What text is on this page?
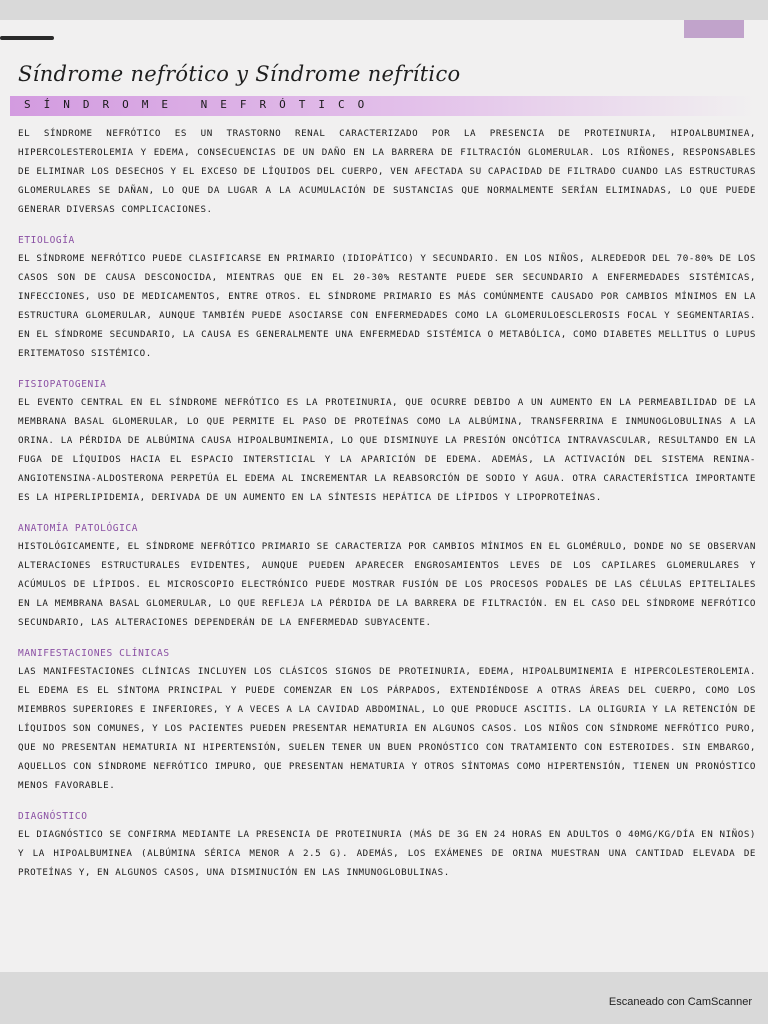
Síndrome nefrótico y Síndrome nefrítico
SÍNDROME NEFRÓTICO

EL SÍNDROME NEFRÓTICO ES UN TRASTORNO RENAL CARACTERIZADO POR LA PRESENCIA DE PROTEINURIA, HIPOALBUMINEA, HIPERCOLESTEROLEMIA Y EDEMA, CONSECUENCIAS DE UN DAÑO EN LA BARRERA DE FILTRACIÓN GLOMERULAR. LOS RIÑONES, RESPONSABLES DE ELIMINAR LOS DESECHOS Y EL EXCESO DE LÍQUIDOS DEL CUERPO, VEN AFECTADA SU CAPACIDAD DE FILTRADO CUANDO LAS ESTRUCTURAS GLOMERULARES SE DAÑAN, LO QUE DA LUGAR A LA ACUMULACIÓN DE SUSTANCIAS QUE NORMALMENTE SERÍAN ELIMINADAS, LO QUE PUEDE GENERAR DIVERSAS COMPLICACIONES.

ETIOLOGÍA

EL SÍNDROME NEFRÓTICO PUEDE CLASIFICARSE EN PRIMARIO (IDIOPÁTICO) Y SECUNDARIO. EN LOS NIÑOS, ALREDEDOR DEL 70-80% DE LOS CASOS SON DE CAUSA DESCONOCIDA, MIENTRAS QUE EN EL 20-30% RESTANTE PUEDE SER SECUNDARIO A ENFERMEDADES SISTÉMICAS, INFECCIONES, USO DE MEDICAMENTOS, ENTRE OTROS. EL SÍNDROME PRIMARIO ES MÁS COMÚNMENTE CAUSADO POR CAMBIOS MÍNIMOS EN LA ESTRUCTURA GLOMERULAR, AUNQUE TAMBIÉN PUEDE ASOCIARSE CON ENFERMEDADES COMO LA GLOMERULOESCLEROSIS FOCAL Y SEGMENTARIAS. EN EL SÍNDROME SECUNDARIO, LA CAUSA ES GENERALMENTE UNA ENFERMEDAD SISTÉMICA O METABÓLICA, COMO DIABETES MELLITUS O LUPUS ERITEMATOSO SISTÉMICO.

FISIOPATOGENIA

EL EVENTO CENTRAL EN EL SÍNDROME NEFRÓTICO ES LA PROTEINURIA, QUE OCURRE DEBIDO A UN AUMENTO EN LA PERMEABILIDAD DE LA MEMBRANA BASAL GLOMERULAR, LO QUE PERMITE EL PASO DE PROTEÍNAS COMO LA ALBÚMINA, TRANSFERRINA E INMUNOGLOBULINAS A LA ORINA. LA PÉRDIDA DE ALBÚMINA CAUSA HIPOALBUMINEMIA, LO QUE DISMINUYE LA PRESIÓN ONCÓTICA INTRAVASCULAR, RESULTANDO EN LA FUGA DE LÍQUIDOS HACIA EL ESPACIO INTERSTICIAL Y LA APARICIÓN DE EDEMA. ADEMÁS, LA ACTIVACIÓN DEL SISTEMA RENINA-ANGIOTENSINA-ALDOSTERONA PERPETÚA EL EDEMA AL INCREMENTAR LA REABSORCIÓN DE SODIO Y AGUA. OTRA CARACTERÍSTICA IMPORTANTE ES LA HIPERLIPIDEMIA, DERIVADA DE UN AUMENTO EN LA SÍNTESIS HEPÁTICA DE LÍPIDOS Y LIPOPROTEÍNAS.

ANATOMÍA PATOLÓGICA

HISTOLÓGICAMENTE, EL SÍNDROME NEFRÓTICO PRIMARIO SE CARACTERIZA POR CAMBIOS MÍNIMOS EN EL GLOMÉRULO, DONDE NO SE OBSERVAN ALTERACIONES ESTRUCTURALES EVIDENTES, AUNQUE PUEDEN APARECER ENGROSAMIENTOS LEVES DE LOS CAPILARES GLOMERULARES Y ACÚMULOS DE LÍPIDOS. EL MICROSCOPIO ELECTRÓNICO PUEDE MOSTRAR FUSIÓN DE LOS PROCESOS PODALES DE LAS CÉLULAS EPITELIALES EN LA MEMBRANA BASAL GLOMERULAR, LO QUE REFLEJA LA PÉRDIDA DE LA BARRERA DE FILTRACIÓN. EN EL CASO DEL SÍNDROME NEFRÓTICO SECUNDARIO, LAS ALTERACIONES DEPENDERÁN DE LA ENFERMEDAD SUBYACENTE.

MANIFESTACIONES CLÍNICAS

LAS MANIFESTACIONES CLÍNICAS INCLUYEN LOS CLÁSICOS SIGNOS DE PROTEINURIA, EDEMA, HIPOALBUMINEMIA E HIPERCOLESTEROLEMIA. EL EDEMA ES EL SÍNTOMA PRINCIPAL Y PUEDE COMENZAR EN LOS PÁRPADOS, EXTENDIÉNDOSE A OTRAS ÁREAS DEL CUERPO, COMO LOS MIEMBROS SUPERIORES E INFERIORES, Y A VECES A LA CAVIDAD ABDOMINAL, LO QUE PRODUCE ASCITIS. LA OLIGURIA Y LA RETENCIÓN DE LÍQUIDOS SON COMUNES, Y LOS PACIENTES PUEDEN PRESENTAR HEMATURIA EN ALGUNOS CASOS. LOS NIÑOS CON SÍNDROME NEFRÓTICO PURO, QUE NO PRESENTAN HEMATURIA NI HIPERTENSIÓN, SUELEN TENER UN BUEN PRONÓSTICO CON TRATAMIENTO CON ESTEROIDES. SIN EMBARGO, AQUELLOS CON SÍNDROME NEFRÓTICO IMPURO, QUE PRESENTAN HEMATURIA Y OTROS SÍNTOMAS COMO HIPERTENSIÓN, TIENEN UN PRONÓSTICO MENOS FAVORABLE.

DIAGNÓSTICO

EL DIAGNÓSTICO SE CONFIRMA MEDIANTE LA PRESENCIA DE PROTEINURIA (MÁS DE 3G EN 24 HORAS EN ADULTOS O 40MG/KG/DÍA EN NIÑOS) Y LA HIPOALBUMINEA (ALBÚMINA SÉRICA MENOR A 2.5 G). ADEMÁS, LOS EXÁMENES DE ORINA MUESTRAN UNA CANTIDAD ELEVADA DE PROTEÍNAS Y, EN ALGUNOS CASOS, UNA DISMINUCIÓN EN LAS INMUNOGLOBULINAS.

Escaneado con CamScanner
